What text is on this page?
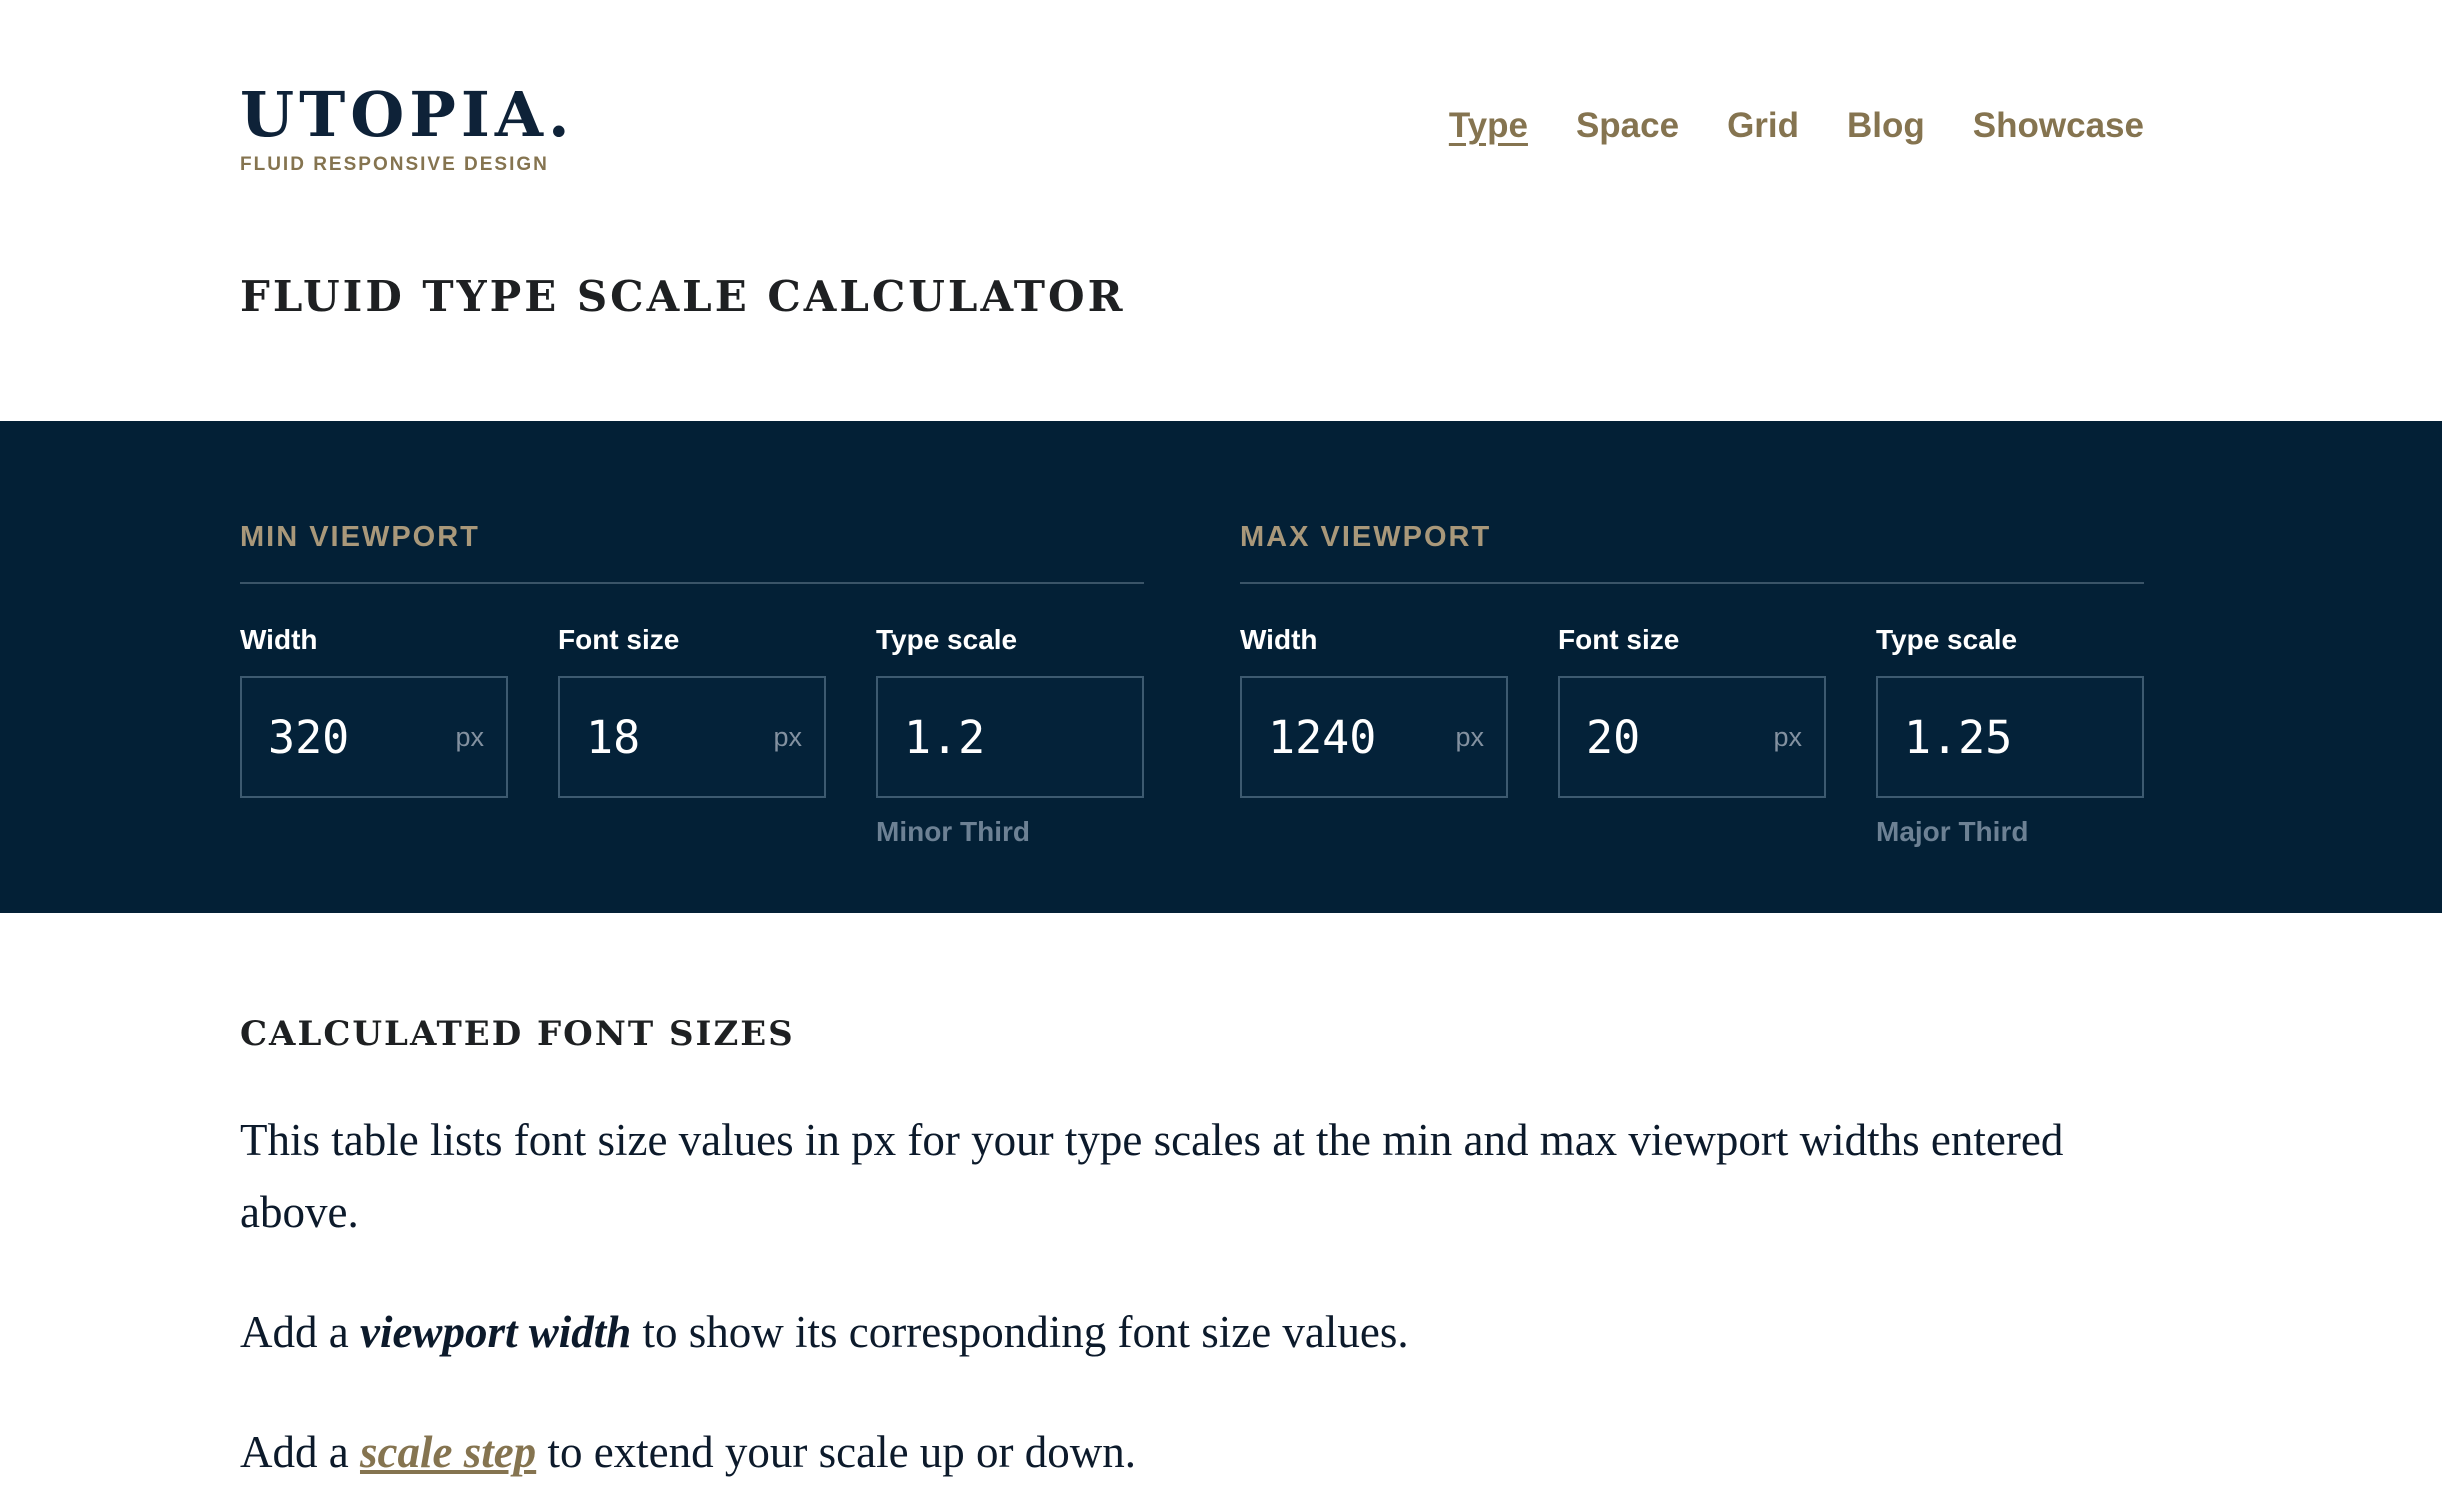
UTOPIA.
FLUID RESPONSIVE DESIGN
Type Space Grid Blog Showcase
FLUID TYPE SCALE CALCULATOR
MIN VIEWPORT
Width
320	px
Font size
18	px
Type scale
1.2
Minor Third
MAX VIEWPORT
Width
1240	px
Font size
20	px
Type scale
1.25
Major Third
CALCULATED FONT SIZES

This table lists font size values in px for your type scales at the min and max viewport widths entered above.

Add a viewport width to show its corresponding font size values.

Add a scale step to extend your scale up or down.
